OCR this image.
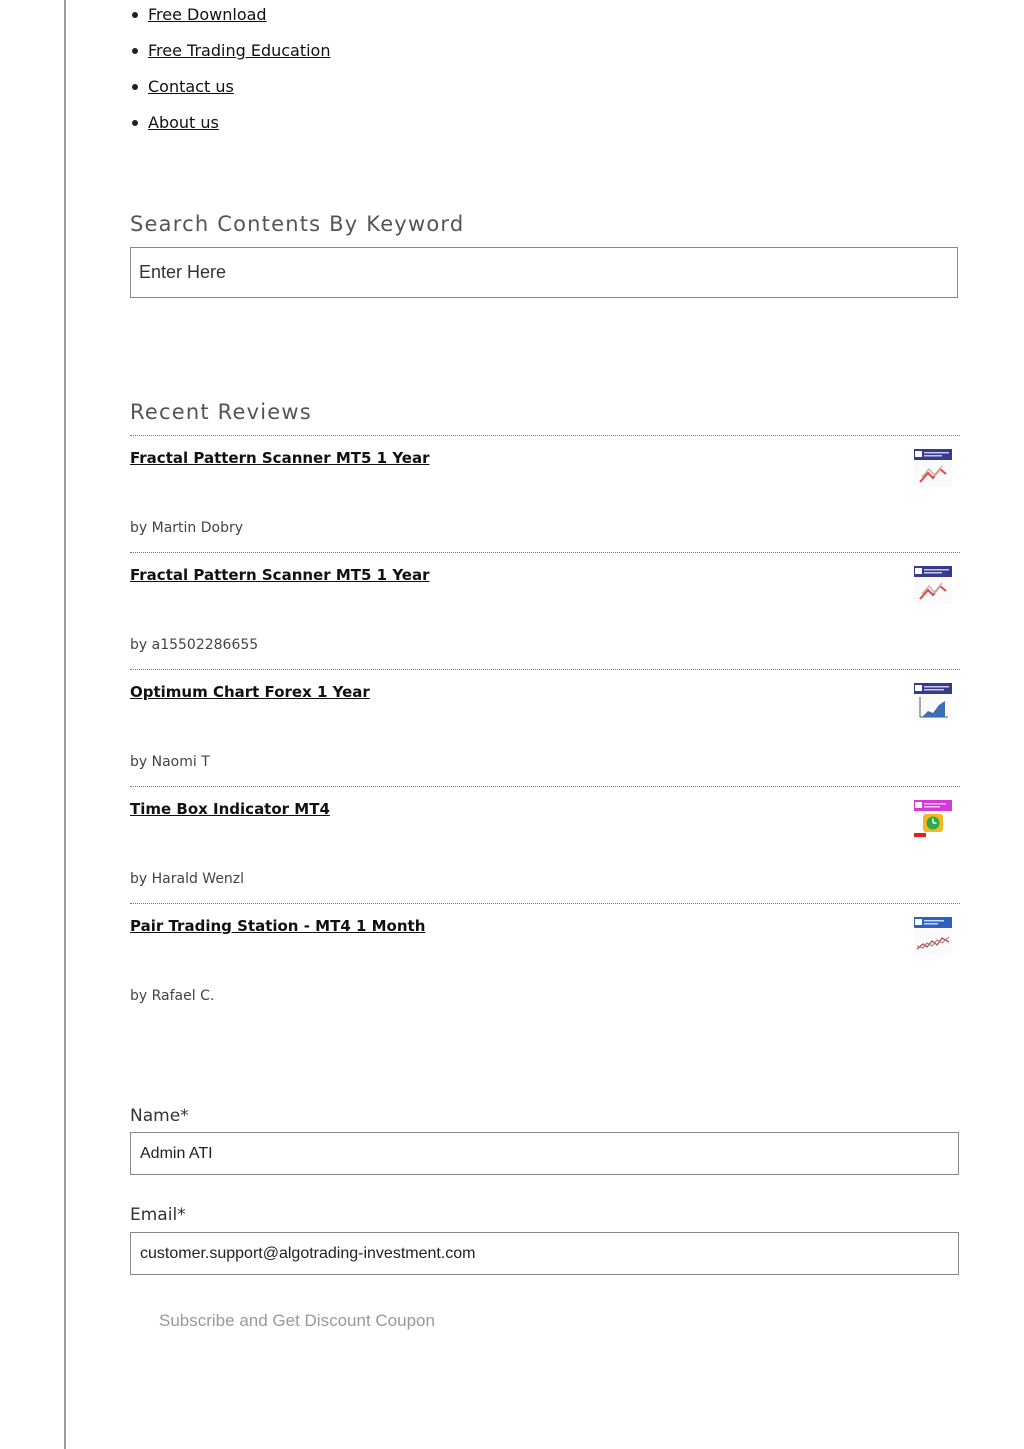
Free Download
Free Trading Education
Contact us
About us
Search Contents By Keyword
Enter Here
Recent Reviews
Fractal Pattern Scanner MT5 1 Year
by Martin Dobry
Fractal Pattern Scanner MT5 1 Year
by a15502286655
Optimum Chart Forex 1 Year
by Naomi T
Time Box Indicator MT4
by Harald Wenzl
Pair Trading Station - MT4 1 Month
by Rafael C.
Name*
Admin ATI
Email*
customer.support@algotrading-investment.com
Subscribe and Get Discount Coupon
